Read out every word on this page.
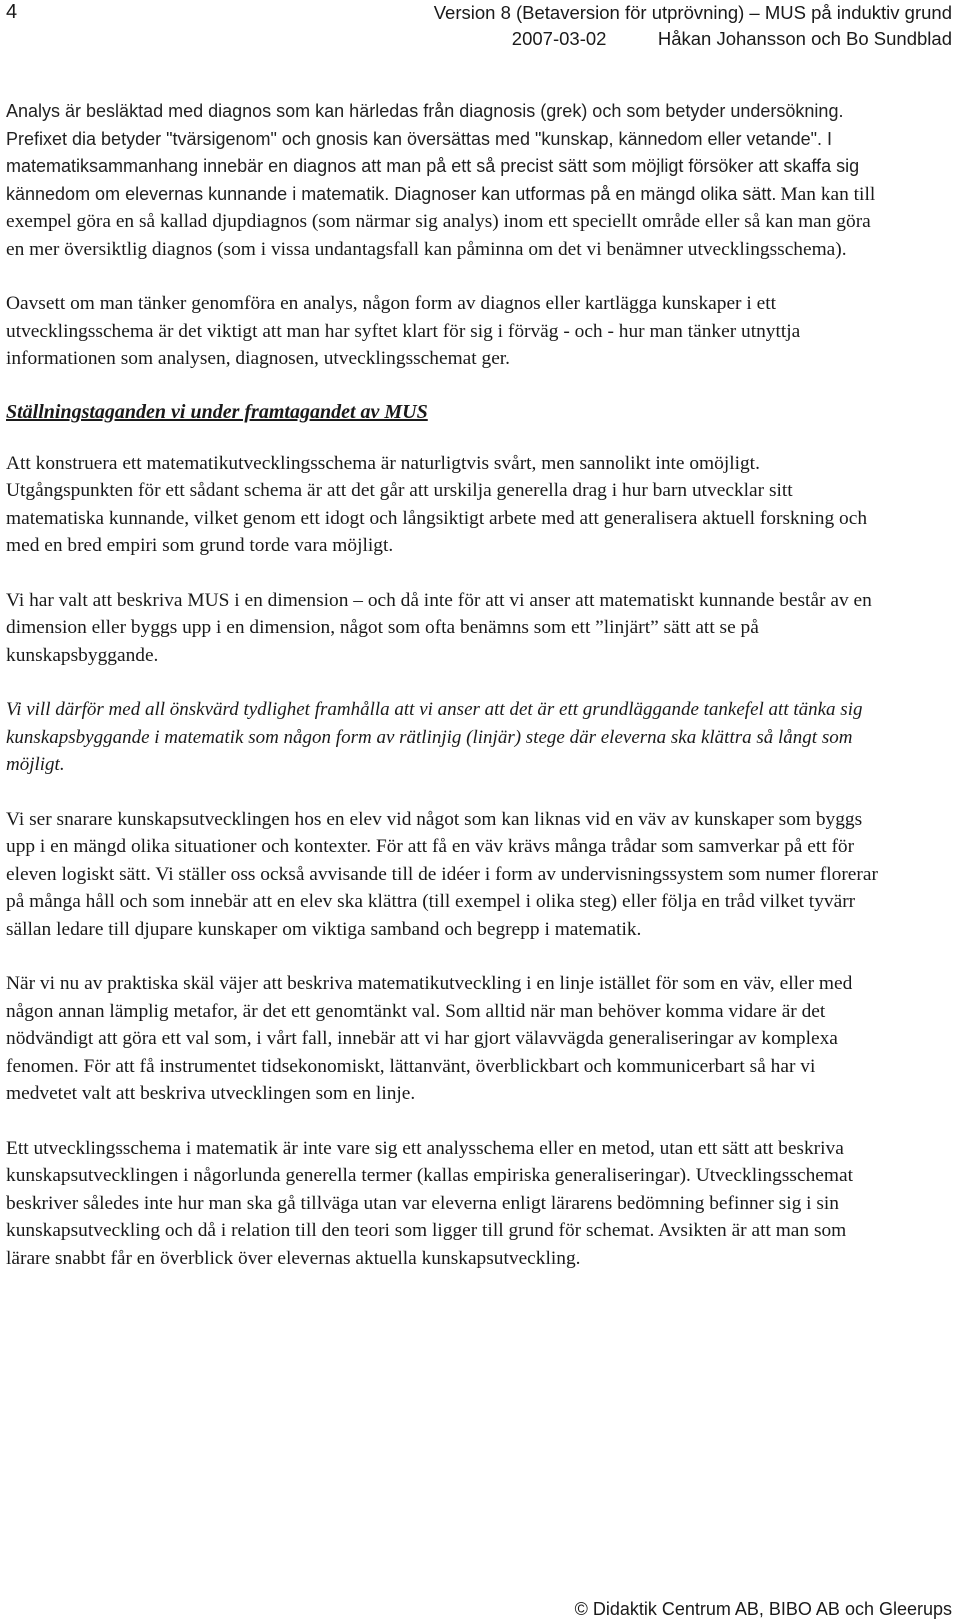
4	Version 8 (Betaversion för utprövning) – MUS på induktiv grund
2007-03-02          Håkan Johansson och Bo Sundblad

Analys är besläktad med diagnos som kan härledas från diagnosis (grek) och som betyder undersökning. Prefixet dia betyder "tvärsigenom" och gnosis kan översättas med "kunskap, kännedom eller vetande". I matematiksammanhang innebär en diagnos att man på ett så precist sätt som möjligt försöker att skaffa sig kännedom om elevernas kunnande i matematik. Diagnoser kan utformas på en mängd olika sätt. Man kan till exempel göra en så kallad djupdiagnos (som närmar sig analys) inom ett speciellt område eller så kan man göra en mer översiktlig diagnos (som i vissa undantagsfall kan påminna om det vi benämner utvecklingsschema).

Oavsett om man tänker genomföra en analys, någon form av diagnos eller kartlägga kunskaper i ett utvecklingsschema är det viktigt att man har syftet klart för sig i förväg - och - hur man tänker utnyttja informationen som analysen, diagnosen, utvecklingsschemat ger.

Ställningstaganden vi under framtagandet av MUS

Att konstruera ett matematikutvecklingsschema är naturligtvis svårt, men sannolikt inte omöjligt. Utgångspunkten för ett sådant schema är att det går att urskilja generella drag i hur barn utvecklar sitt matematiska kunnande, vilket genom ett idogt och långsiktigt arbete med att generalisera aktuell forskning och med en bred empiri som grund torde vara möjligt.

Vi har valt att beskriva MUS i en dimension – och då inte för att vi anser att matematiskt kunnande består av en dimension eller byggs upp i en dimension, något som ofta benämns som ett ”linjärt” sätt att se på kunskapsbyggande.

Vi vill därför med all önskvärd tydlighet framhålla att vi anser att det är ett grundläggande tankefel att tänka sig kunskapsbyggande i matematik som någon form av rätlinjig (linjär) stege där eleverna ska klättra så långt som möjligt.

Vi ser snarare kunskapsutvecklingen hos en elev vid något som kan liknas vid en väv av kunskaper som byggs upp i en mängd olika situationer och kontexter. För att få en väv krävs många trådar som samverkar på ett för eleven logiskt sätt. Vi ställer oss också avvisande till de idéer i form av undervisningssystem som numer florerar på många håll och som innebär att en elev ska klättra (till exempel i olika steg) eller följa en tråd vilket tyvärr sällan ledare till djupare kunskaper om viktiga samband och begrepp i matematik.

När vi nu av praktiska skäl väjer att beskriva matematikutveckling i en linje istället för som en väv, eller med någon annan lämplig metafor, är det ett genomtänkt val. Som alltid när man behöver komma vidare är det nödvändigt att göra ett val som, i vårt fall, innebär att vi har gjort välavvägda generaliseringar av komplexa fenomen. För att få instrumentet tidsekonomiskt, lättanvänt, överblickbart och kommunicerbart så har vi medvetet valt att beskriva utvecklingen som en linje.

Ett utvecklingsschema i matematik är inte vare sig ett analysschema eller en metod, utan ett sätt att beskriva kunskapsutvecklingen i någorlunda generella termer (kallas empiriska generaliseringar). Utvecklingsschemat beskriver således inte hur man ska gå tillväga utan var eleverna enligt lärarens bedömning befinner sig i sin kunskapsutveckling och då i relation till den teori som ligger till grund för schemat. Avsikten är att man som lärare snabbt får en överblick över elevernas aktuella kunskapsutveckling.

© Didaktik Centrum AB, BIBO AB och Gleerups
